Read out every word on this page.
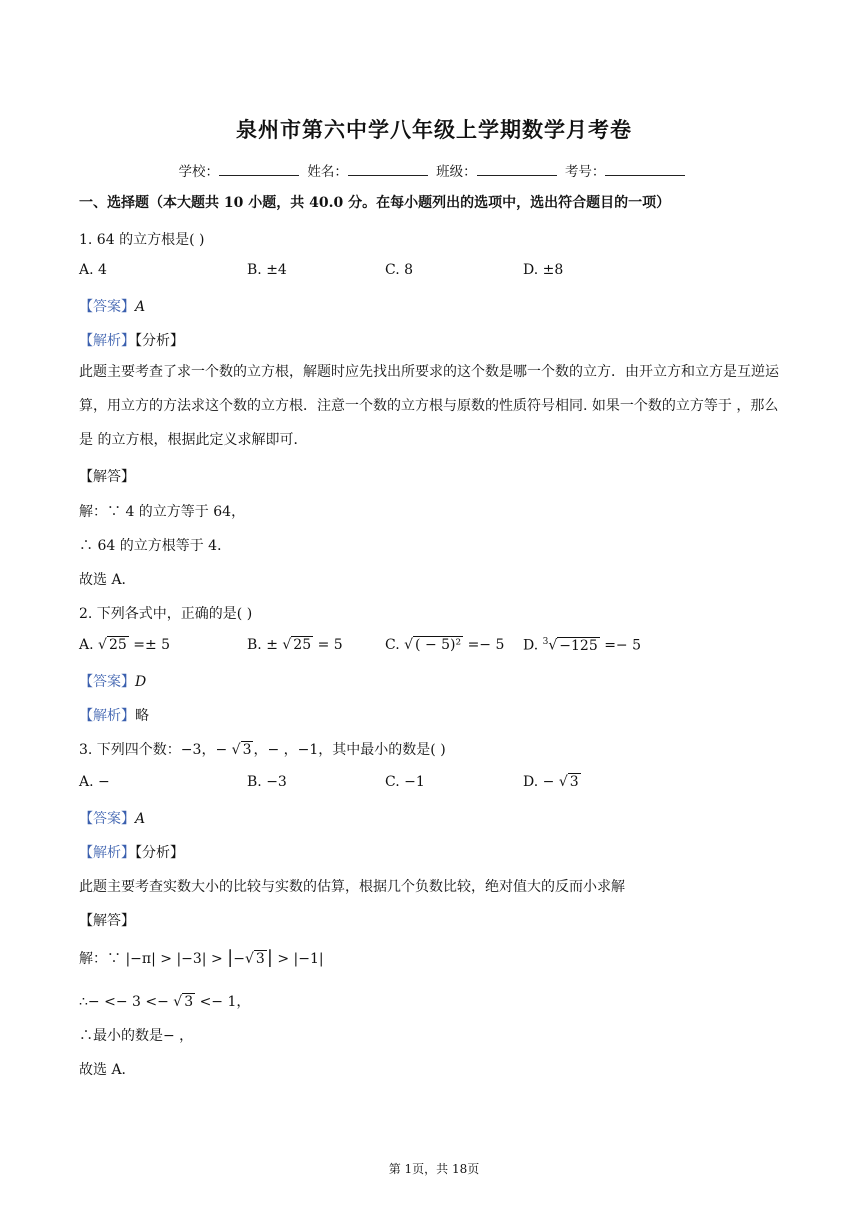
泉州市第六中学八年级上学期数学月考卷
学校：	姓名：	班级：	考号：
一、选择题（本大题共 10 小题，共 40.0 分。在每小题列出的选项中，选出符合题目的一项）
1. 64 的立方根是( )
A. 4	B. ±4	C. 8	D. ±8
【答案】A
【解析】【分析】
此题主要考查了求一个数的立方根，解题时应先找出所要求的这个数是哪一个数的立方．由开立方和立方是互逆运算，用立方的方法求这个数的立方根．注意一个数的立方根与原数的性质符号相同. 如果一个数的立方等于 ，那么 是 的立方根，根据此定义求解即可．
【解答】
解：∵ 4 的立方等于 64，
∴ 64 的立方根等于 4．
故选 A．
2. 下列各式中，正确的是( )
A. √ 25 =± 5	B. ± √ 25 = 5	C. √ ( − 5)² =− 5 D. $^3$√ −125 =− 5
【答案】D
【解析】略
3. 下列四个数：−3，− √ 3 ，− ，−1，其中最小的数是( )
A. −	B. −3	C. −1	D. − √ 3
【答案】A
【解析】【分析】
此题主要考查实数大小的比较与实数的估算，根据几个负数比较，绝对值大的反而小求解
【解答】
解：∵ |−π| > |−3| > |−√ 3 | > |−1|
∴− <− 3 <− √ 3 <− 1，
∴最小的数是− ，
故选 A．
第 1页，共 18页
